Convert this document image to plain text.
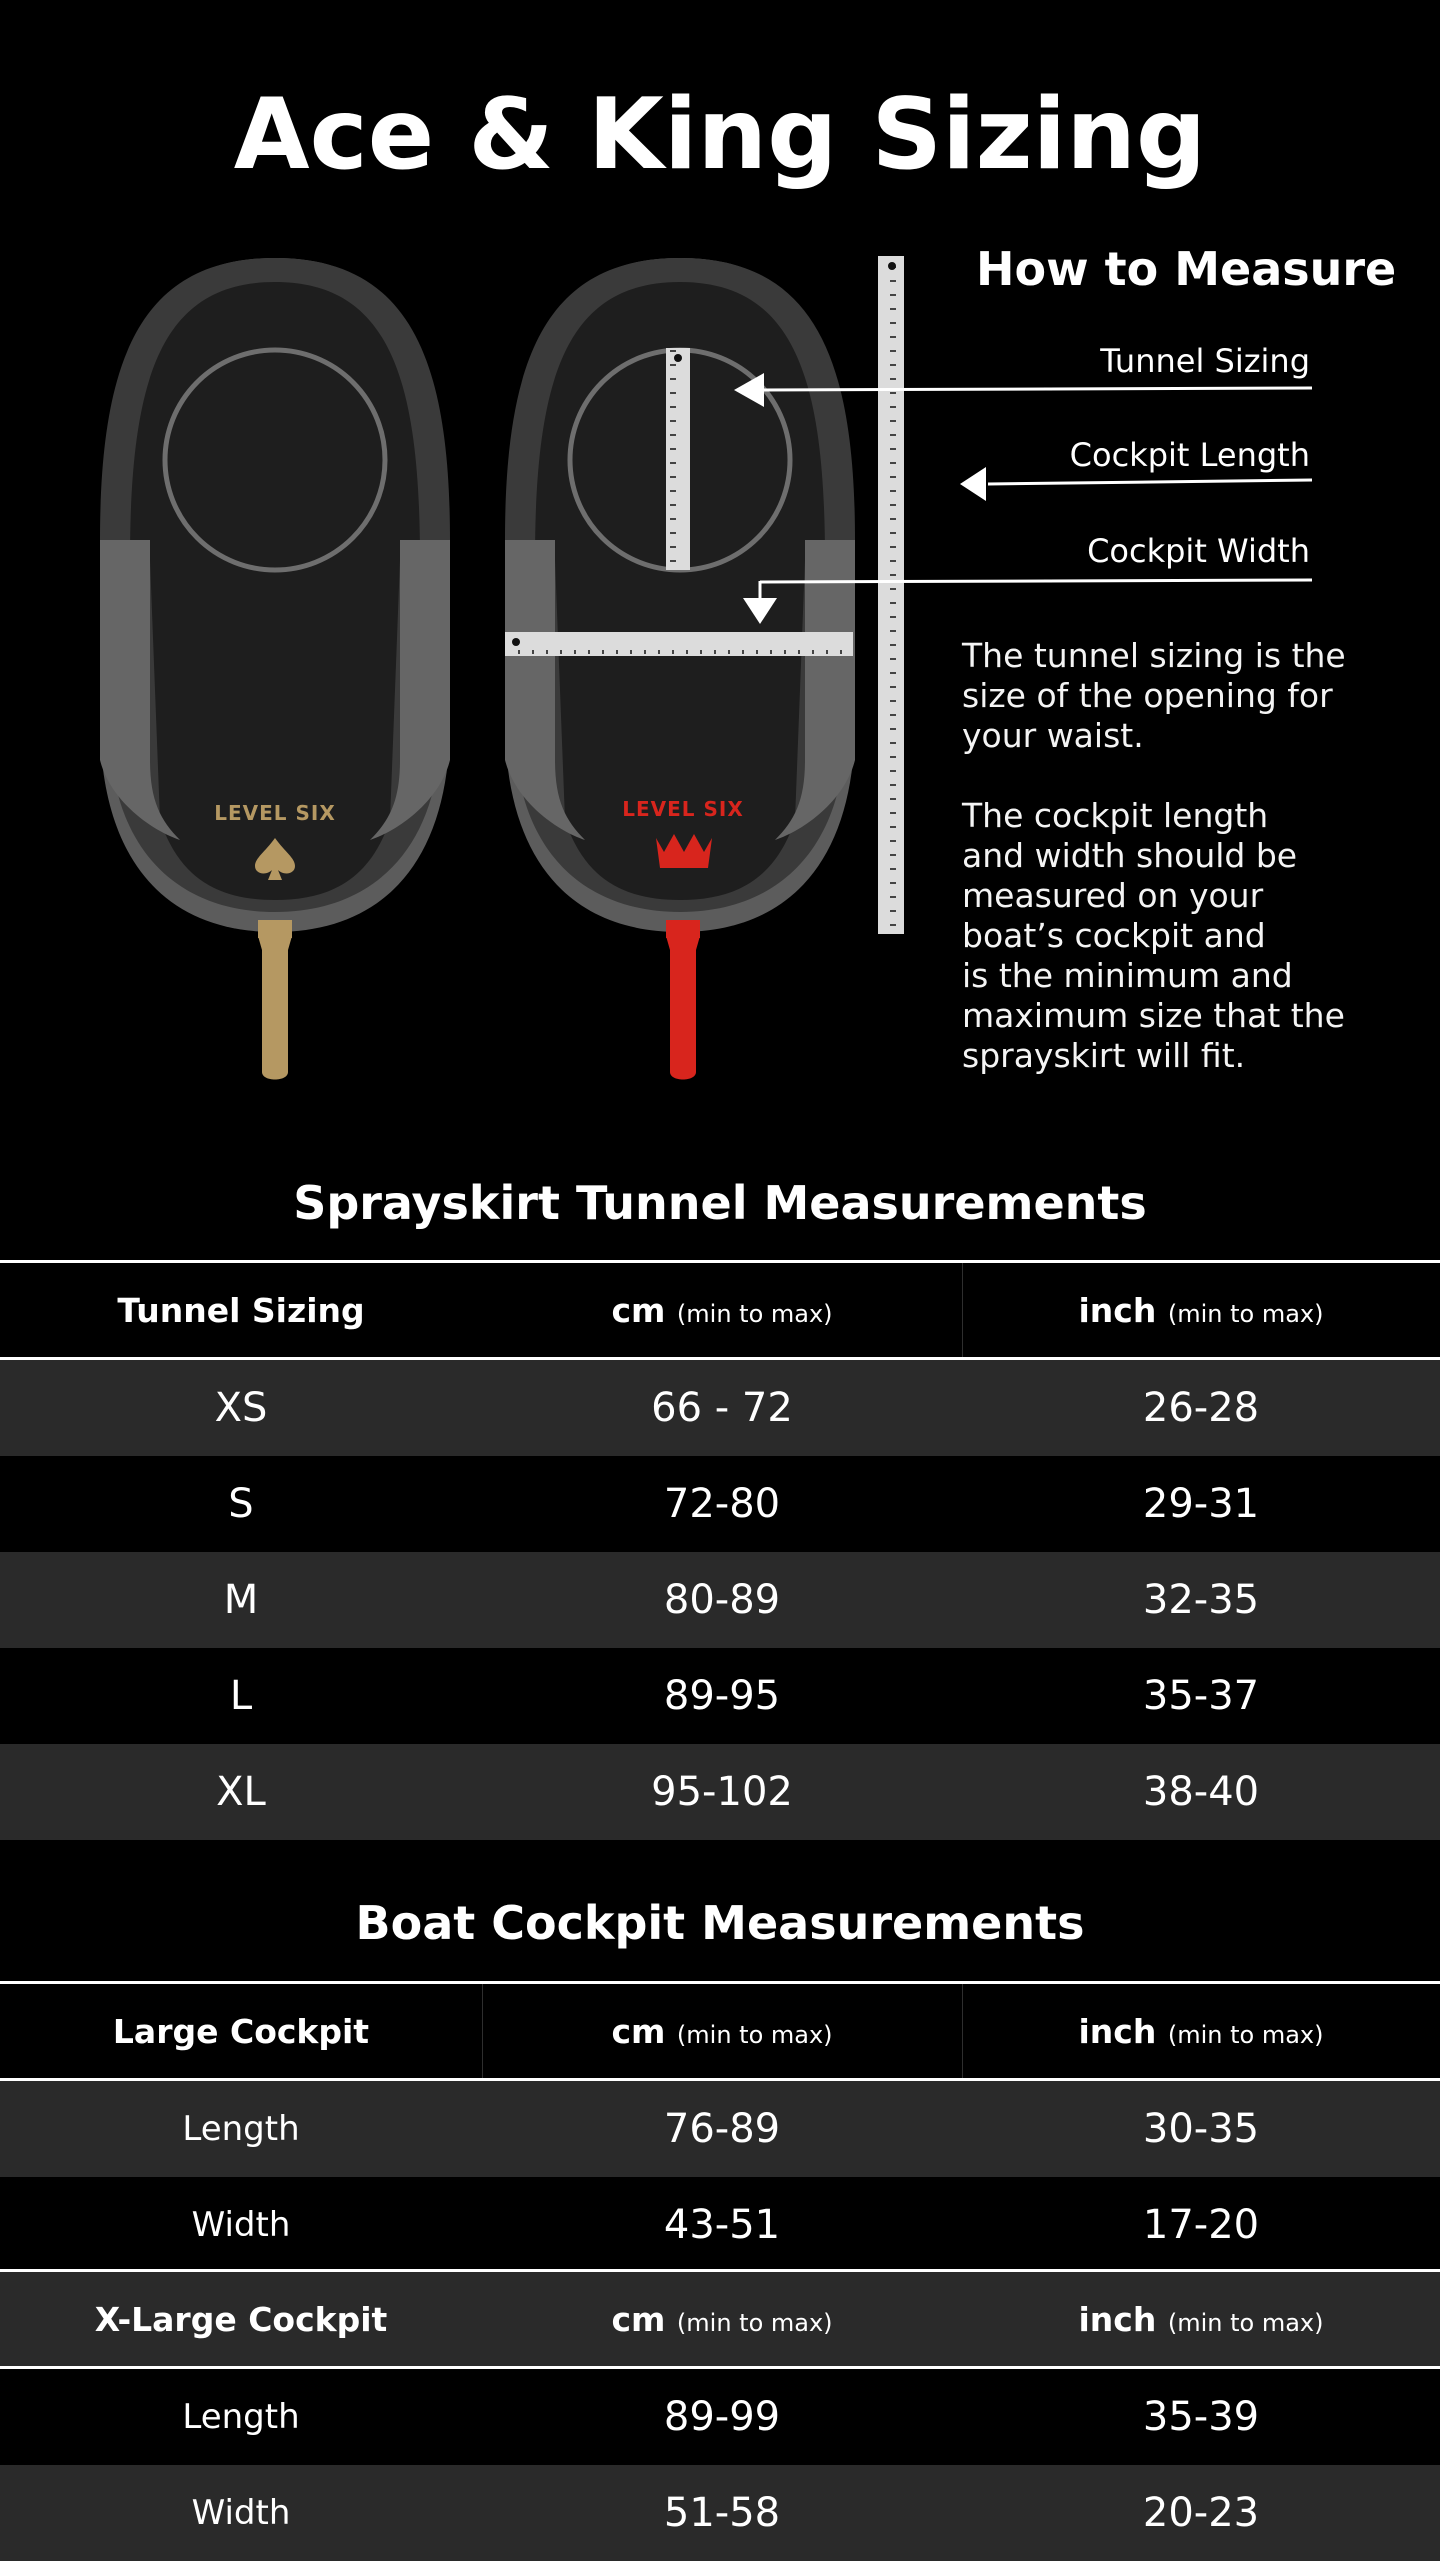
Ace & King Sizing
LEVEL SIX	LEVEL SIX
How to Measure
Tunnel Sizing
Cockpit Length
Cockpit Width
The tunnel sizing is the
size of the opening for
your waist.
The cockpit length
and width should be
measured on your
boat’s cockpit and
is the minimum and
maximum size that the
sprayskirt will fit.
Sprayskirt Tunnel Measurements
Tunnel Sizing	cm (min to max)	inch (min to max)
XS	66 - 72	26-28
S	72-80	29-31
M	80-89	32-35
L	89-95	35-37
XL	95-102	38-40
Boat Cockpit Measurements
Large Cockpit	cm (min to max)	inch (min to max)
Length	76-89	30-35
Width	43-51	17-20
X-Large Cockpit	cm (min to max)	inch (min to max)
Length	89-99	35-39
Width	51-58	20-23
